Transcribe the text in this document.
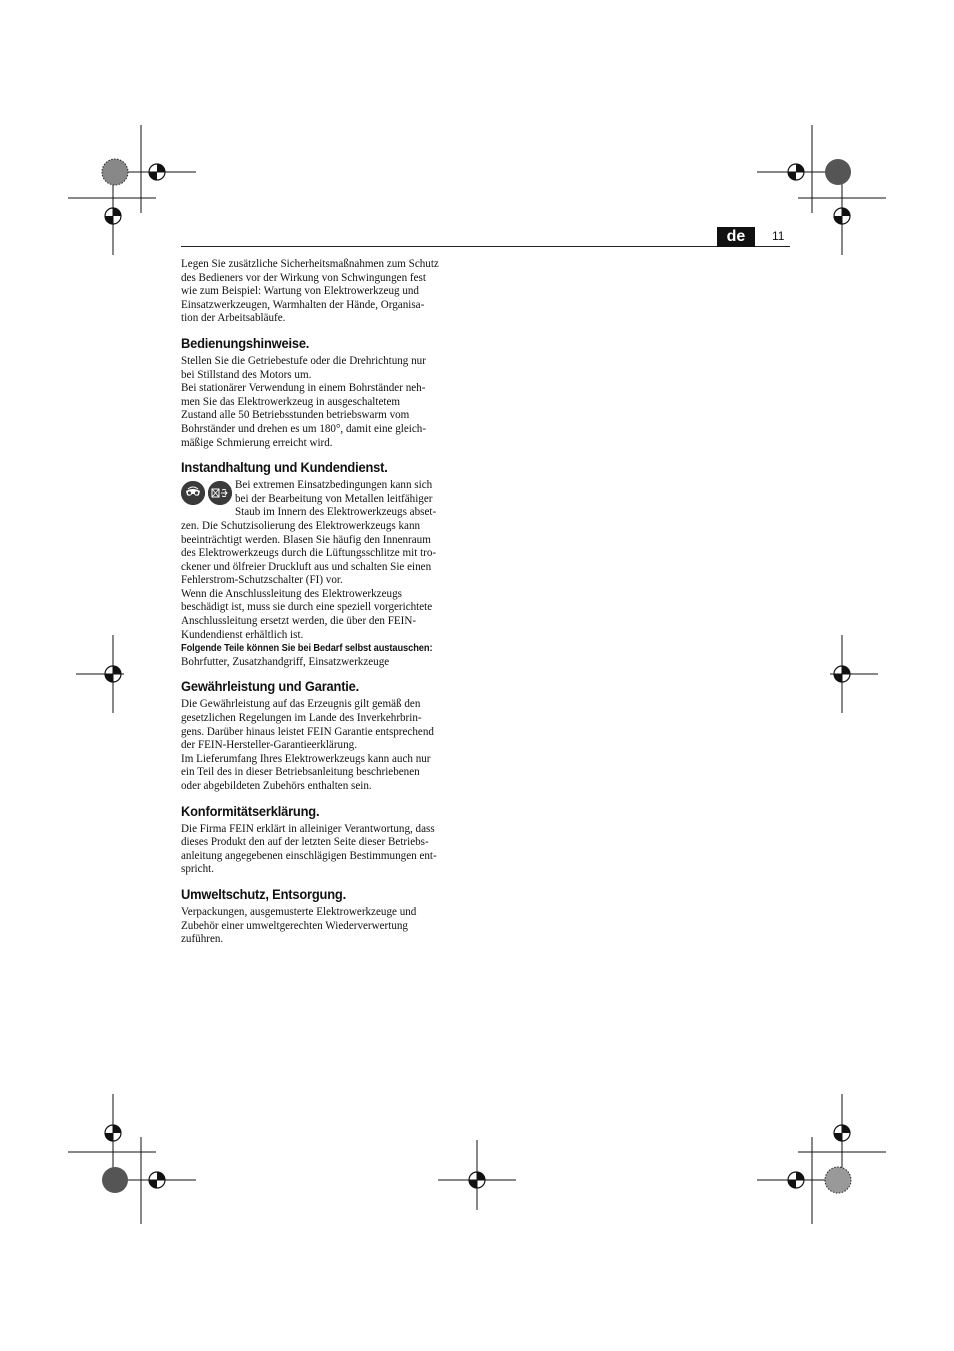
de	11

Legen Sie zusätzliche Sicherheitsmaßnahmen zum Schutz

des Bedieners vor der Wirkung von Schwingungen fest

wie zum Beispiel: Wartung von Elektrowerkzeug und

Einsatzwerkzeugen, Warmhalten der Hände, Organisa-

tion der Arbeitsabläufe.

Bedienungshinweise.

Stellen Sie die Getriebestufe oder die Drehrichtung nur

bei Stillstand des Motors um.

Bei stationärer Verwendung in einem Bohrständer neh-

men Sie das Elektrowerkzeug in ausgeschaltetem

Zustand alle 50 Betriebsstunden betriebswarm vom

Bohrständer und drehen es um 180°, damit eine gleich-

mäßige Schmierung erreicht wird.

Instandhaltung und Kundendienst.

Bei extremen Einsatzbedingungen kann sich

bei der Bearbeitung von Metallen leitfähiger

Staub im Innern des Elektrowerkzeugs abset-

zen. Die Schutzisolierung des Elektrowerkzeugs kann

beeinträchtigt werden. Blasen Sie häufig den Innenraum

des Elektrowerkzeugs durch die Lüftungsschlitze mit tro-

ckener und ölfreier Druckluft aus und schalten Sie einen

Fehlerstrom-Schutzschalter (FI) vor.

Wenn die Anschlussleitung des Elektrowerkzeugs

beschädigt ist, muss sie durch eine speziell vorgerichtete

Anschlussleitung ersetzt werden, die über den FEIN-

Kundendienst erhältlich ist.

Folgende Teile können Sie bei Bedarf selbst austauschen:

Bohrfutter, Zusatzhandgriff, Einsatzwerkzeuge

Gewährleistung und Garantie.

Die Gewährleistung auf das Erzeugnis gilt gemäß den

gesetzlichen Regelungen im Lande des Inverkehrbrin-

gens. Darüber hinaus leistet FEIN Garantie entsprechend

der FEIN-Hersteller-Garantieerklärung.

Im Lieferumfang Ihres Elektrowerkzeugs kann auch nur

ein Teil des in dieser Betriebsanleitung beschriebenen

oder abgebildeten Zubehörs enthalten sein.

Konformitätserklärung.

Die Firma FEIN erklärt in alleiniger Verantwortung, dass

dieses Produkt den auf der letzten Seite dieser Betriebs-

anleitung angegebenen einschlägigen Bestimmungen ent-

spricht.

Umweltschutz, Entsorgung.

Verpackungen, ausgemusterte Elektrowerkzeuge und

Zubehör einer umweltgerechten Wiederverwertung

zuführen.
